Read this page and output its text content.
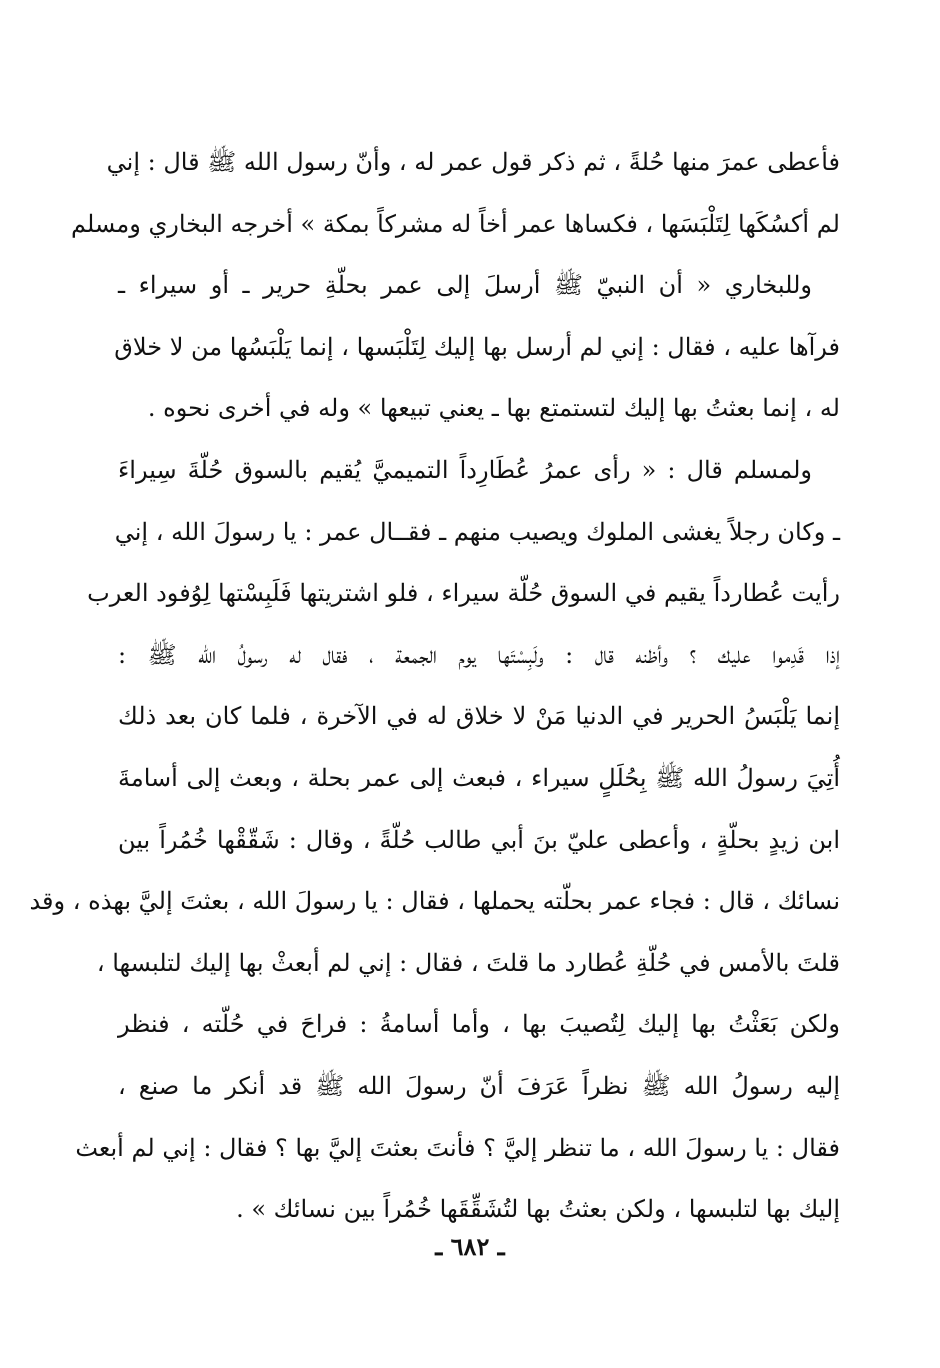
فأعطى عمرَ منها حُلةً ، ثم ذكر قول عمر له ، وأنّ رسول الله ﷺ قال : إني
لم أكسُكَها لِتَلْبَسَها ، فكساها عمر أخاً له مشركاً بمكة » أخرجه البخاري ومسلم
وللبخاري « أن النبيّ ﷺ أرسلَ إلى عمر بحلّةِ حرير ـ أو سيراء ـ
فرآها عليه ، فقال : إني لم أرسل بها إليك لِتَلْبَسها ، إنما يَلْبَسُها من لا خلاق
له ، إنما بعثتُ بها إليك لتستمتع بها ـ يعني تبيعها » وله في أخرى نحوه .
ولمسلم قال : « رأى عمرُ عُطَارِداً التميميَّ يُقيم بالسوق حُلّةَ سِيراءَ
ـ وكان رجلاً يغشى الملوك ويصيب منهم ـ فقــال عمر : يا رسولَ الله ، إني
رأيت عُطارداً يقيم في السوق حُلّة سيراء ، فلو اشتريتها فَلَبِسْتها لِوُفود العرب
إذا قَدِموا عليك ؟ وأظنه قال : ولَبِسْتَها يوم الجمعة ، فقال له رسولُ الله ﷺ :
إنما يَلْبَسُ الحرير في الدنيا مَنْ لا خلاق له في الآخرة ، فلما كان بعد ذلك
أُتِيَ رسولُ الله ﷺ بِحُلَلٍ سيراء ، فبعث إلى عمر بحلة ، وبعث إلى أسامةَ
ابن زيدٍ بحلّةٍ ، وأعطى عليّ بنَ أبي طالب حُلّةً ، وقال : شَقّقْها خُمُراً بين
نسائك ، قال : فجاء عمر بحلّته يحملها ، فقال : يا رسولَ الله ، بعثتَ إليَّ بهذه ، وقد
قلتَ بالأمس في حُلّةِ عُطارد ما قلتَ ، فقال : إني لم أبعثْ بها إليك لتلبسها ،
ولكن بَعَثْتُ بها إليك لِتُصيبَ بها ، وأما أسامةُ : فراحَ في حُلّته ، فنظر
إليه رسولُ الله ﷺ نظراً عَرَفَ أنّ رسولَ الله ﷺ قد أنكر ما صنع ،
فقال : يا رسولَ الله ، ما تنظر إليَّ ؟ فأنتَ بعثتَ إليَّ بها ؟ فقال : إني لم أبعث
إليك بها لتلبسها ، ولكن بعثتُ بها لتُشَقِّقَها خُمُراً بين نسائك » .
ـ ٦٨٢ ـ
